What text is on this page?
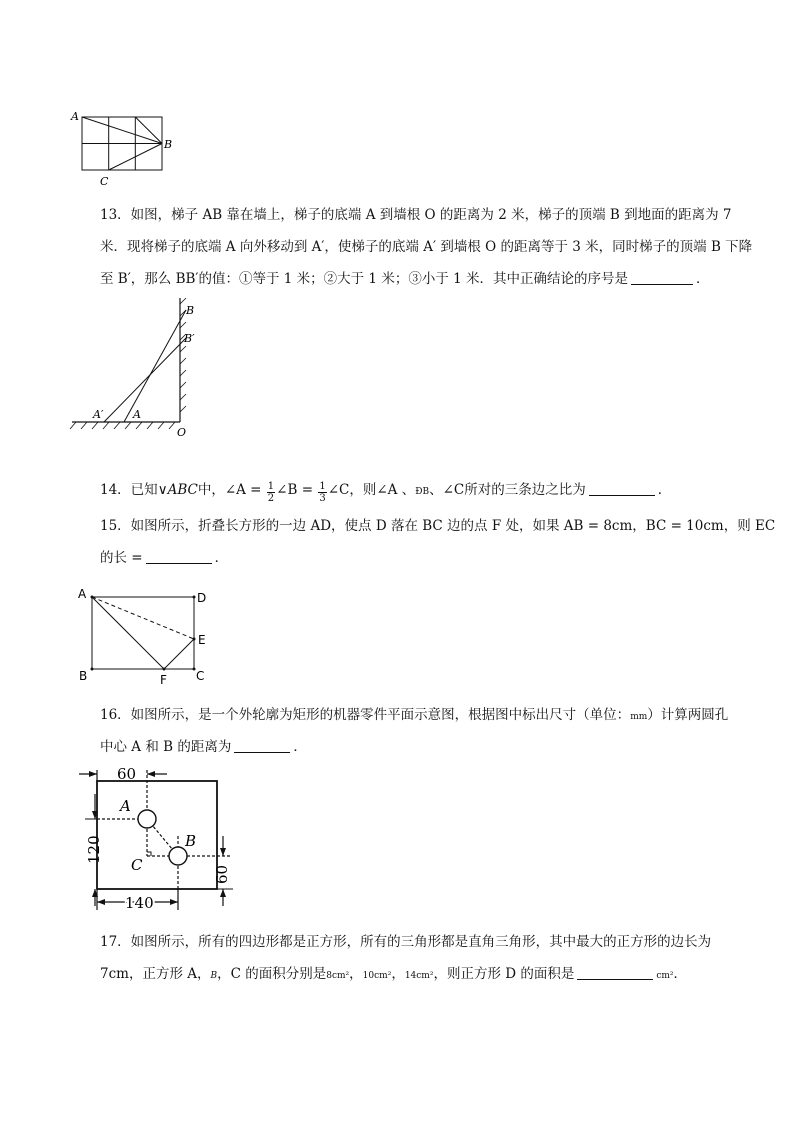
A
B
C
13．如图，梯子 AB 靠在墙上，梯子的底端 A 到墙根 O 的距离为 2 米，梯子的顶端 B 到地面的距离为 7
米．现将梯子的底端 A 向外移动到 A′，使梯子的底端 A′ 到墙根 O 的距离等于 3 米，同时梯子的顶端 B 下降
至 B′，那么 BB′的值：①等于 1 米；②大于 1 米；③小于 1 米．其中正确结论的序号是	．
B
B′
A′	A
O
14．已知∨ABC中，∠A = $\frac{1}{2}$ ∠B = $\frac{1}{3}$ ∠C，则∠A 、ÐB、∠C所对的三条边之比为	．
15．如图所示，折叠长方形的一边 AD，使点 D 落在 BC 边的点 F 处，如果 AB = 8cm，BC = 10cm，则 EC
的长 =	．
A	D
E
B	F C
16．如图所示，是一个外轮廓为矩形的机器零件平面示意图，根据图中标出尺寸（单位：mm）计算两圆孔
中心 A 和 B 的距离为	．
60
120
A
B
C	60
140
17．如图所示，所有的四边形都是正方形，所有的三角形都是直角三角形，其中最大的正方形的边长为
7cm，正方形 A，B，C 的面积分别是8cm²，10cm²，14cm²，则正方形 D 的面积是	cm²．
